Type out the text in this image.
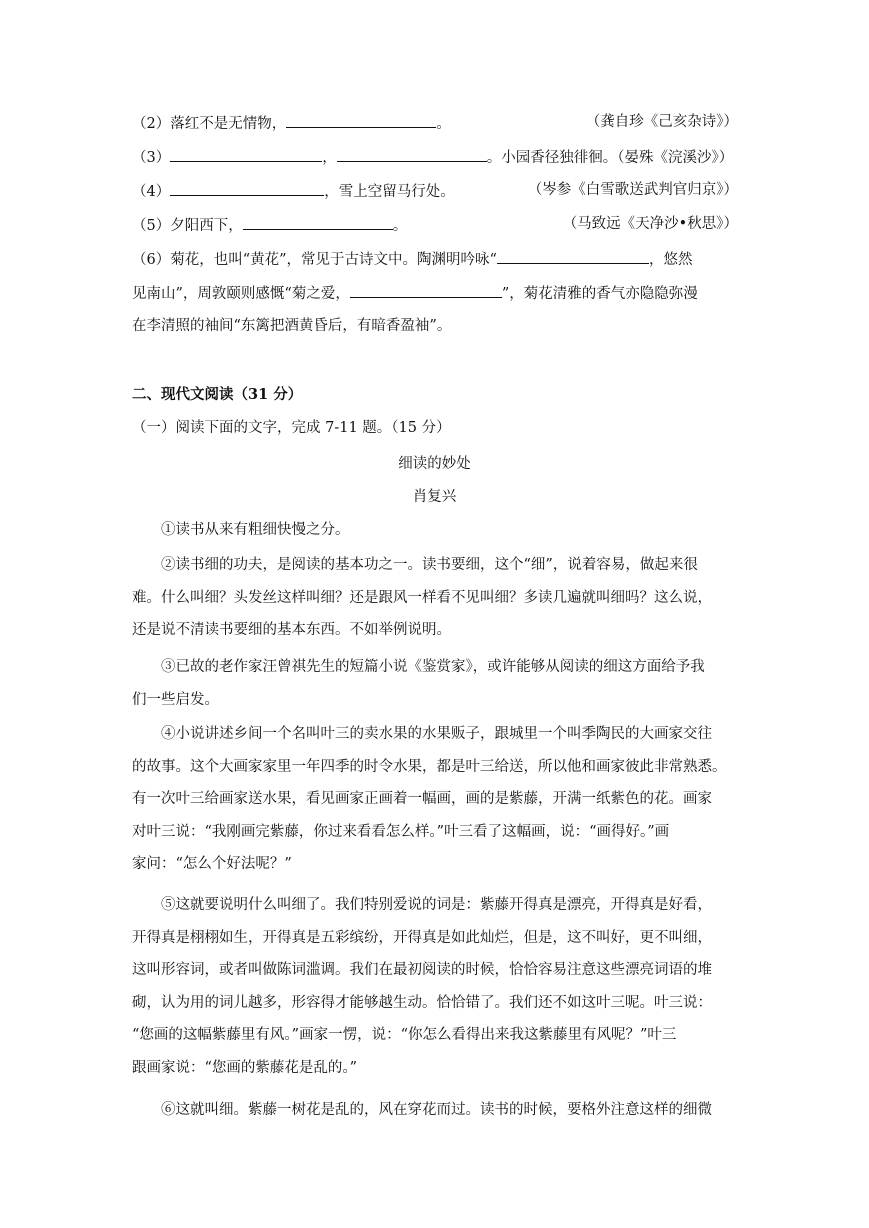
（2）落红不是无情物，	。	（龚自珍《己亥杂诗》）
（3）	，	。小园香径独徘徊。（晏殊《浣溪沙》）
（4）	，雪上空留马行处。	（岑参《白雪歌送武判官归京》）
（5）夕阳西下，	。	（马致远《天净沙•秋思》）
（6）菊花，也叫“黄花”，常见于古诗文中。陶渊明吟咏“	，悠然
见南山”，周敦颐则感慨“菊之爱，	”，菊花清雅的香气亦隐隐弥漫
在李清照的袖间“东篱把酒黄昏后，有暗香盈袖”。
二、现代文阅读（31 分）
（一）阅读下面的文字，完成 7-11 题。（15 分）
细读的妙处
肖复兴
①读书从来有粗细快慢之分。
②读书细的功夫，是阅读的基本功之一。读书要细，这个“细”，说着容易，做起来很
难。什么叫细？头发丝这样叫细？还是跟风一样看不见叫细？多读几遍就叫细吗？这么说，
还是说不清读书要细的基本东西。不如举例说明。
③已故的老作家汪曾祺先生的短篇小说《鉴赏家》，或许能够从阅读的细这方面给予我
们一些启发。
④小说讲述乡间一个名叫叶三的卖水果的水果贩子，跟城里一个叫季陶民的大画家交往
的故事。这个大画家家里一年四季的时令水果，都是叶三给送，所以他和画家彼此非常熟悉。
有一次叶三给画家送水果，看见画家正画着一幅画，画的是紫藤，开满一纸紫色的花。画家
对叶三说：“我刚画完紫藤，你过来看看怎么样。”叶三看了这幅画，说：“画得好。”画
家问：“怎么个好法呢？”
⑤这就要说明什么叫细了。我们特别爱说的词是：紫藤开得真是漂亮，开得真是好看，
开得真是栩栩如生，开得真是五彩缤纷，开得真是如此灿烂，但是，这不叫好，更不叫细，
这叫形容词，或者叫做陈词滥调。我们在最初阅读的时候，恰恰容易注意这些漂亮词语的堆
砌，认为用的词儿越多，形容得才能够越生动。恰恰错了。我们还不如这叶三呢。叶三说：
“您画的这幅紫藤里有风。”画家一愣，说：“你怎么看得出来我这紫藤里有风呢？”叶三
跟画家说：“您画的紫藤花是乱的。”
⑥这就叫细。紫藤一树花是乱的，风在穿花而过。读书的时候，要格外注意这样的细微
